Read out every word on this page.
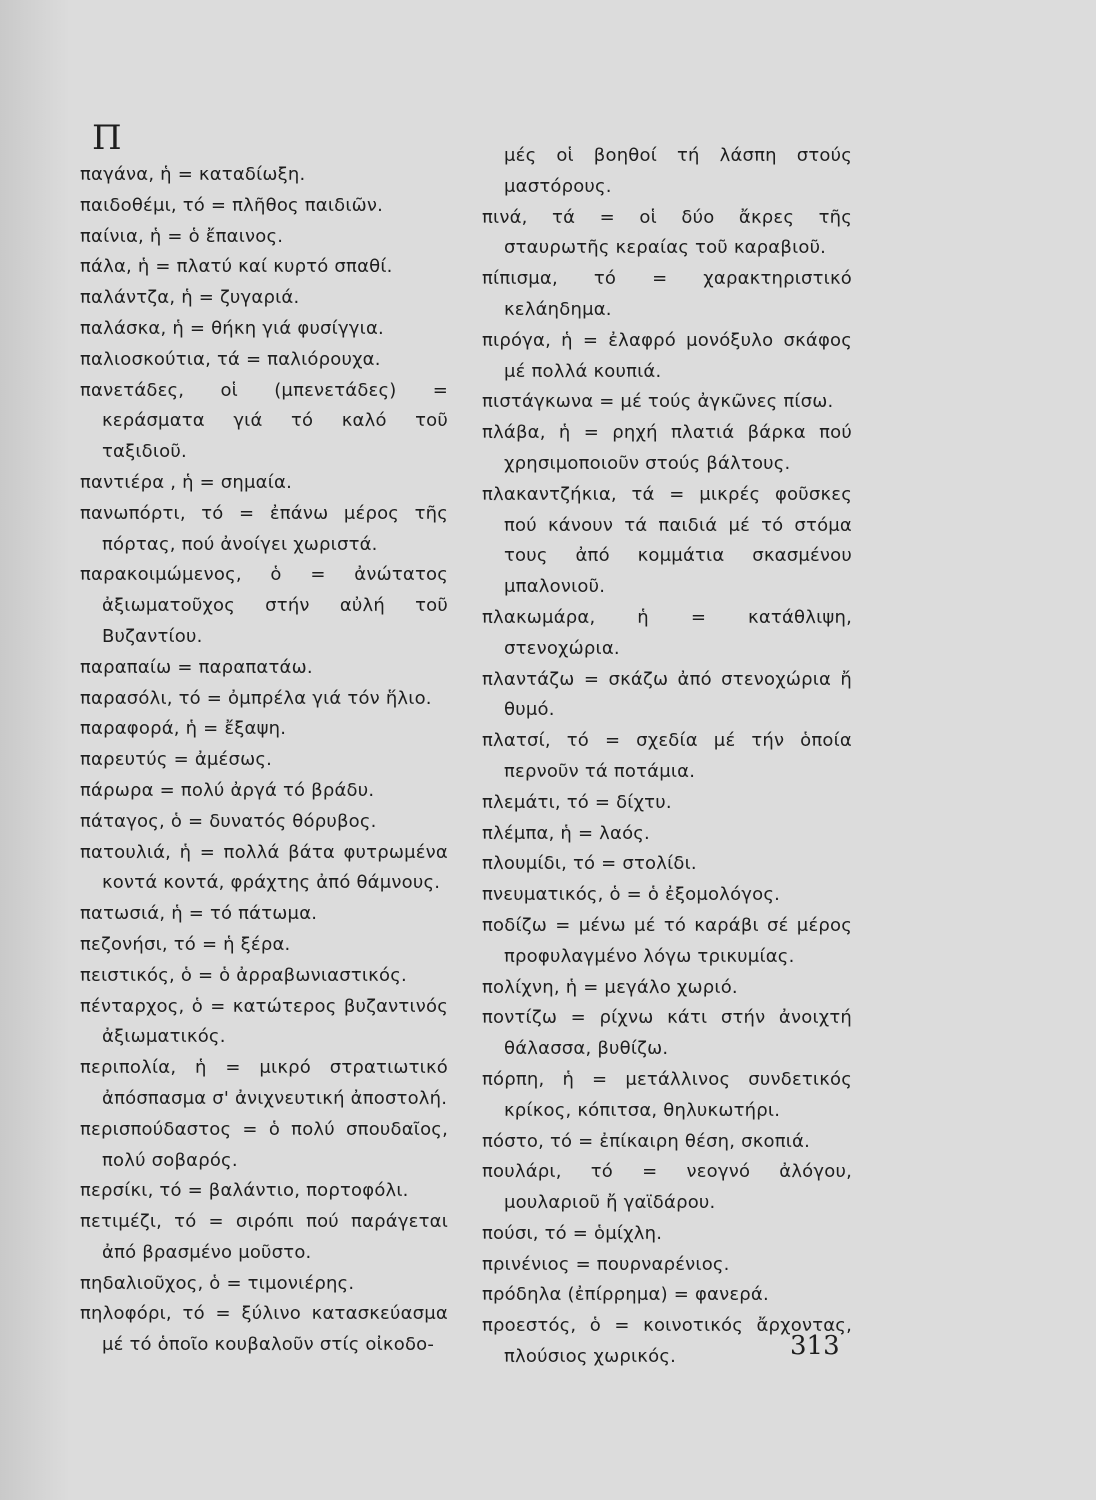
Π
παγάνα, ἡ = καταδίωξη.
παιδοθέμι, τό = πλῆθος παιδιῶν.
παίνια, ἡ = ὁ ἔπαινος.
πάλα, ἡ = πλατύ καί κυρτό σπαθί.
παλάντζα, ἡ = ζυγαριά.
παλάσκα, ἡ = θήκη γιά φυσίγγια.
παλιοσκούτια, τά = παλιόρουχα.
πανετάδες, οἱ (μπενετάδες) = κεράσματα γιά τό καλό τοῦ ταξιδιοῦ.
παντιέρα , ἡ = σημαία.
πανωπόρτι, τό = ἐπάνω μέρος τῆς πόρτας, πού ἀνοίγει χωριστά.
παρακοιμώμενος, ὁ = ἀνώτατος ἀξιωματοῦχος στήν αὐλή τοῦ Βυζαντίου.
παραπαίω = παραπατάω.
παρασόλι, τό = ὀμπρέλα γιά τόν ἥλιο.
παραφορά, ἡ = ἔξαψη.
παρευτύς = ἀμέσως.
πάρωρα = πολύ ἀργά τό βράδυ.
πάταγος, ὁ = δυνατός θόρυβος.
πατουλιά, ἡ = πολλά βάτα φυτρωμένα κοντά κοντά, φράχτης ἀπό θάμνους.
πατωσιά, ἡ = τό πάτωμα.
πεζονήσι, τό = ἡ ξέρα.
πειστικός, ὁ = ὁ ἀρραβωνιαστικός.
πένταρχος, ὁ = κατώτερος βυζαντινός ἀξιωματικός.
περιπολία, ἡ = μικρό στρατιωτικό ἀπόσπασμα σ' ἀνιχνευτική ἀποστολή.
περισπούδαστος = ὁ πολύ σπουδαῖος, πολύ σοβαρός.
περσίκι, τό = βαλάντιο, πορτοφόλι.
πετιμέζι, τό = σιρόπι πού παράγεται ἀπό βρασμένο μοῦστο.
πηδαλιοῦχος, ὁ = τιμονιέρης.
πηλοφόρι, τό = ξύλινο κατασκεύασμα μέ τό ὁποῖο κουβαλοῦν στίς οἰκοδο-
μές οἱ βοηθοί τή λάσπη στούς μαστόρους.
πινά, τά = οἱ δύο ἄκρες τῆς σταυρωτῆς κεραίας τοῦ καραβιοῦ.
πίπισμα, τό = χαρακτηριστικό κελάηδημα.
πιρόγα, ἡ = ἐλαφρό μονόξυλο σκάφος μέ πολλά κουπιά.
πιστάγκωνα = μέ τούς ἀγκῶνες πίσω.
πλάβα, ἡ = ρηχή πλατιά βάρκα πού χρησιμοποιοῦν στούς βάλτους.
πλακαντζήκια, τά = μικρές φοῦσκες πού κάνουν τά παιδιά μέ τό στόμα τους ἀπό κομμάτια σκασμένου μπαλονιοῦ.
πλακωμάρα, ἡ = κατάθλιψη, στενοχώρια.
πλαντάζω = σκάζω ἀπό στενοχώρια ἤ θυμό.
πλατσί, τό = σχεδία μέ τήν ὁποία περνοῦν τά ποτάμια.
πλεμάτι, τό = δίχτυ.
πλέμπα, ἡ = λαός.
πλουμίδι, τό = στολίδι.
πνευματικός, ὁ = ὁ ἐξομολόγος.
ποδίζω = μένω μέ τό καράβι σέ μέρος προφυλαγμένο λόγω τρικυμίας.
πολίχνη, ἡ = μεγάλο χωριό.
ποντίζω = ρίχνω κάτι στήν ἀνοιχτή θάλασσα, βυθίζω.
πόρπη, ἡ = μετάλλινος συνδετικός κρίκος, κόπιτσα, θηλυκωτήρι.
πόστο, τό = ἐπίκαιρη θέση, σκοπιά.
πουλάρι, τό = νεογνό ἀλόγου, μουλαριοῦ ἤ γαϊδάρου.
πούσι, τό = ὁμίχλη.
πρινένιος = πουρναρένιος.
πρόδηλα (ἐπίρρημα) = φανερά.
προεστός, ὁ = κοινοτικός ἄρχοντας, πλούσιος χωρικός.	313
